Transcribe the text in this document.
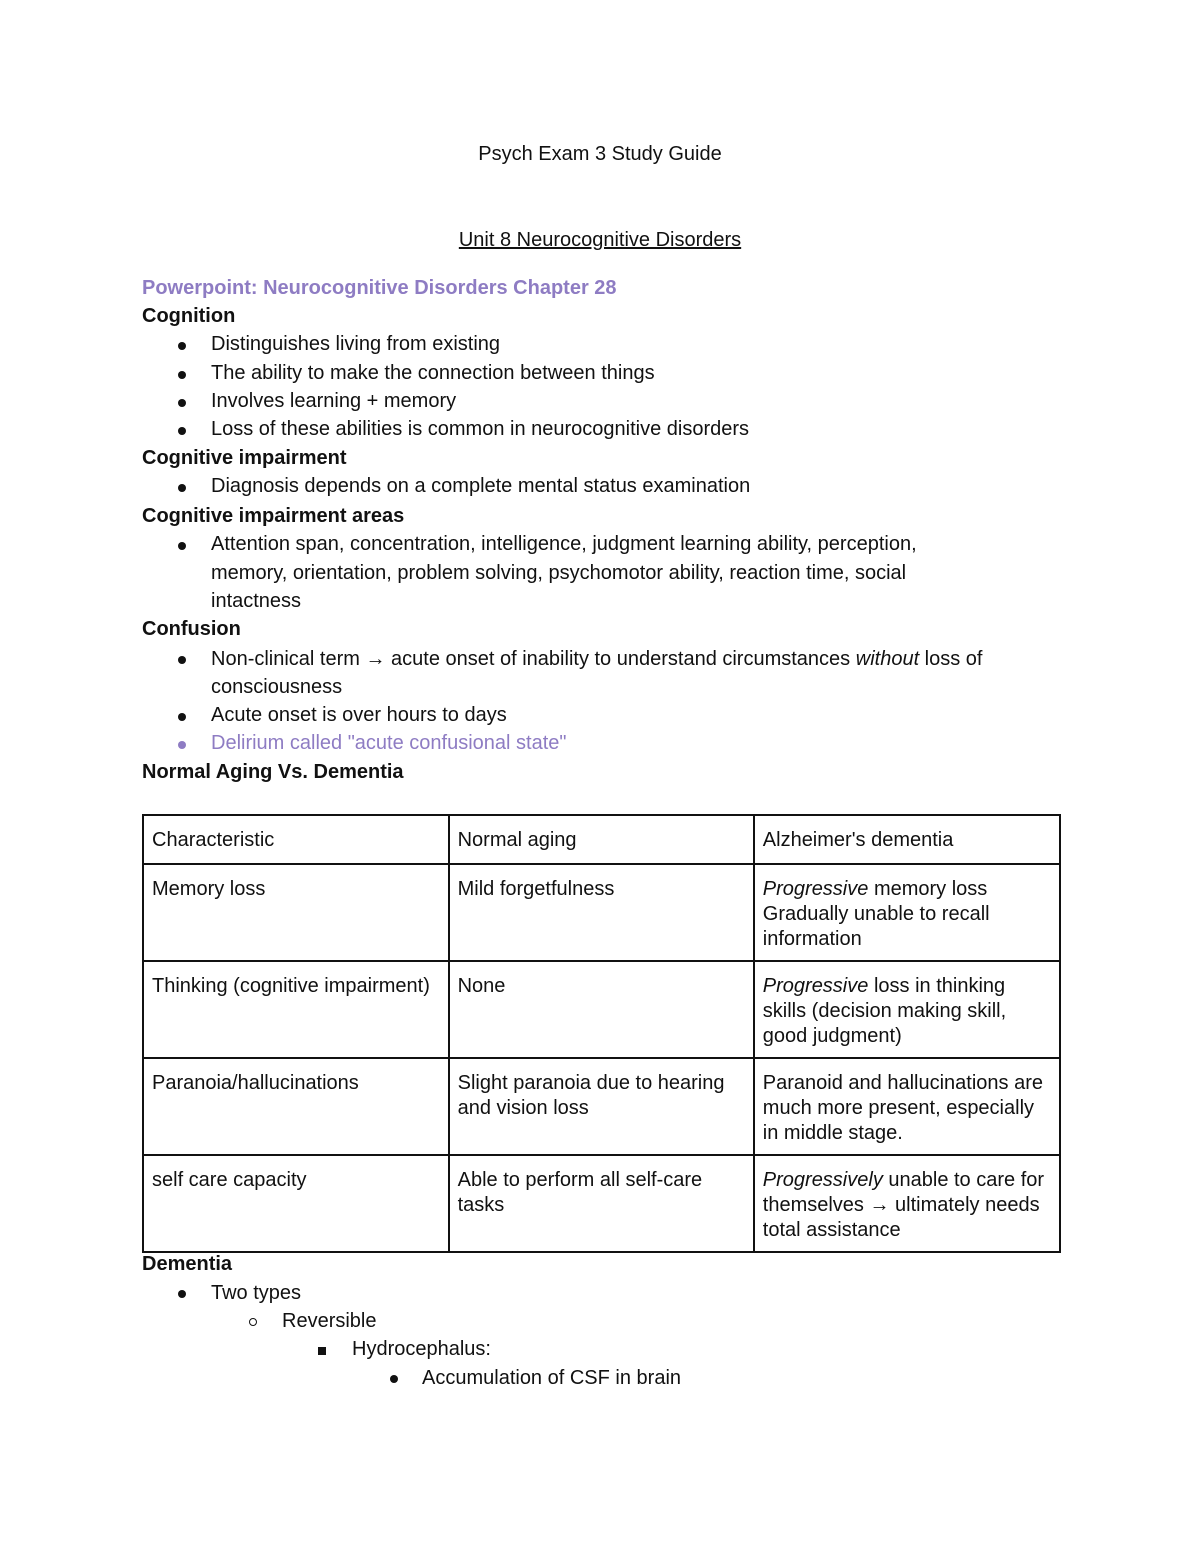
Psych Exam 3 Study Guide
Unit 8 Neurocognitive Disorders
Powerpoint: Neurocognitive Disorders Chapter 28
Cognition
Distinguishes living from existing
The ability to make the connection between things
Involves learning + memory
Loss of these abilities is common in neurocognitive disorders
Cognitive impairment
Diagnosis depends on a complete mental status examination
Cognitive impairment areas
Attention span, concentration, intelligence, judgment learning ability, perception,
memory, orientation, problem solving, psychomotor ability, reaction time, social
intactness
Confusion
Non-clinical term → acute onset of inability to understand circumstances without loss of
consciousness
Acute onset is over hours to days
Delirium called "acute confusional state"
Normal Aging Vs. Dementia
Characteristic	Normal aging	Alzheimer's dementia
Memory loss	Mild forgetfulness	Progressive memory loss Gradually unable to recall information
Thinking (cognitive impairment)	None	Progressive loss in thinking skills (decision making skill, good judgment)
Paranoia/hallucinations	Slight paranoia due to hearing and vision loss	Paranoid and hallucinations are much more present, especially in middle stage.
self care capacity	Able to perform all self-care tasks	Progressively unable to care for themselves → ultimately needs total assistance
Dementia
Two types
Reversible
Hydrocephalus:
Accumulation of CSF in brain
